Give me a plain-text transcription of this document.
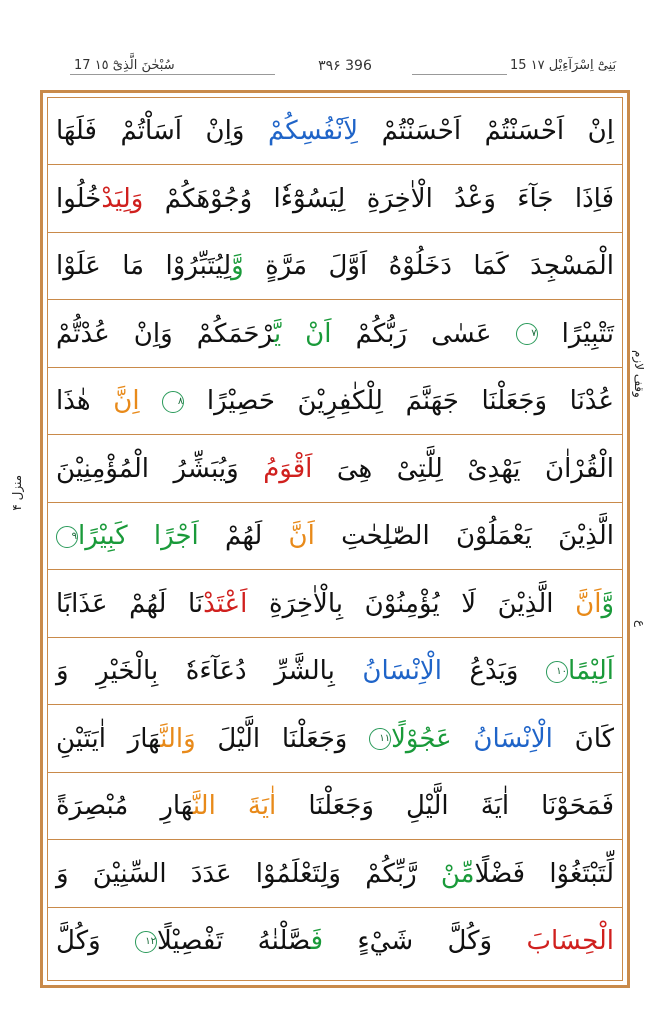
17 سُبْحٰنَ الَّذِیْٓ ١٥	۳۹۶ 396	15 بَنِیْٓ اِسْرَآءِیْل ١٧
اِنْ اَحْسَنْتُمْ اَحْسَنْتُمْ لِاَنْفُسِكُمْ وَاِنْ اَسَاْتُمْ فَلَهَا
فَاِذَا جَآءَ وَعْدُ الْاٰخِرَةِ لِيَسُوْٓءٗا وُجُوْهَكُمْ وَلِيَدْخُلُوا
الْمَسْجِدَ كَمَا دَخَلُوْهُ اَوَّلَ مَرَّةٍ وَّلِيُتَبِّرُوْا مَا عَلَوْا
تَتْبِيْرًا ٧ عَسٰى رَبُّكُمْ اَنْ يَّرْحَمَكُمْ وَاِنْ عُدْتُّمْ
عُدْنَا وَجَعَلْنَا جَهَنَّمَ لِلْكٰفِرِيْنَ حَصِيْرًا ٨ اِنَّ هٰذَا
الْقُرْاٰنَ يَهْدِىْ لِلَّتِىْ هِىَ اَقْوَمُ وَيُبَشِّرُ الْمُؤْمِنِيْنَ
الَّذِيْنَ يَعْمَلُوْنَ الصّٰلِحٰتِ اَنَّ لَهُمْ اَجْرًا كَبِيْرًا٩
وَّاَنَّ الَّذِيْنَ لَا يُؤْمِنُوْنَ بِالْاٰخِرَةِ اَعْتَدْنَا لَهُمْ عَذَابًا
اَلِيْمًا١٠ وَيَدْعُ الْاِنْسَانُ بِالشَّرِّ دُعَآءَهٗ بِالْخَيْرِ وَ
كَانَ الْاِنْسَانُ عَجُوْلًا١١ وَجَعَلْنَا الَّيْلَ وَالنَّهَارَ اٰيَتَيْنِ
فَمَحَوْنَا اٰيَةَ الَّيْلِ وَجَعَلْنَا اٰيَةَ النَّهَارِ مُبْصِرَةً
لِّتَبْتَغُوْا فَضْلًامِّنْ رَّبِّكُمْ وَلِتَعْلَمُوْا عَدَدَ السِّنِيْنَ وَ
الْحِسَابَ وَكُلَّ شَيْءٍ فَصَّلْنٰهُ تَفْصِيْلًا١٢ وَكُلَّ
منزل ۴
وقف لازم
ع
